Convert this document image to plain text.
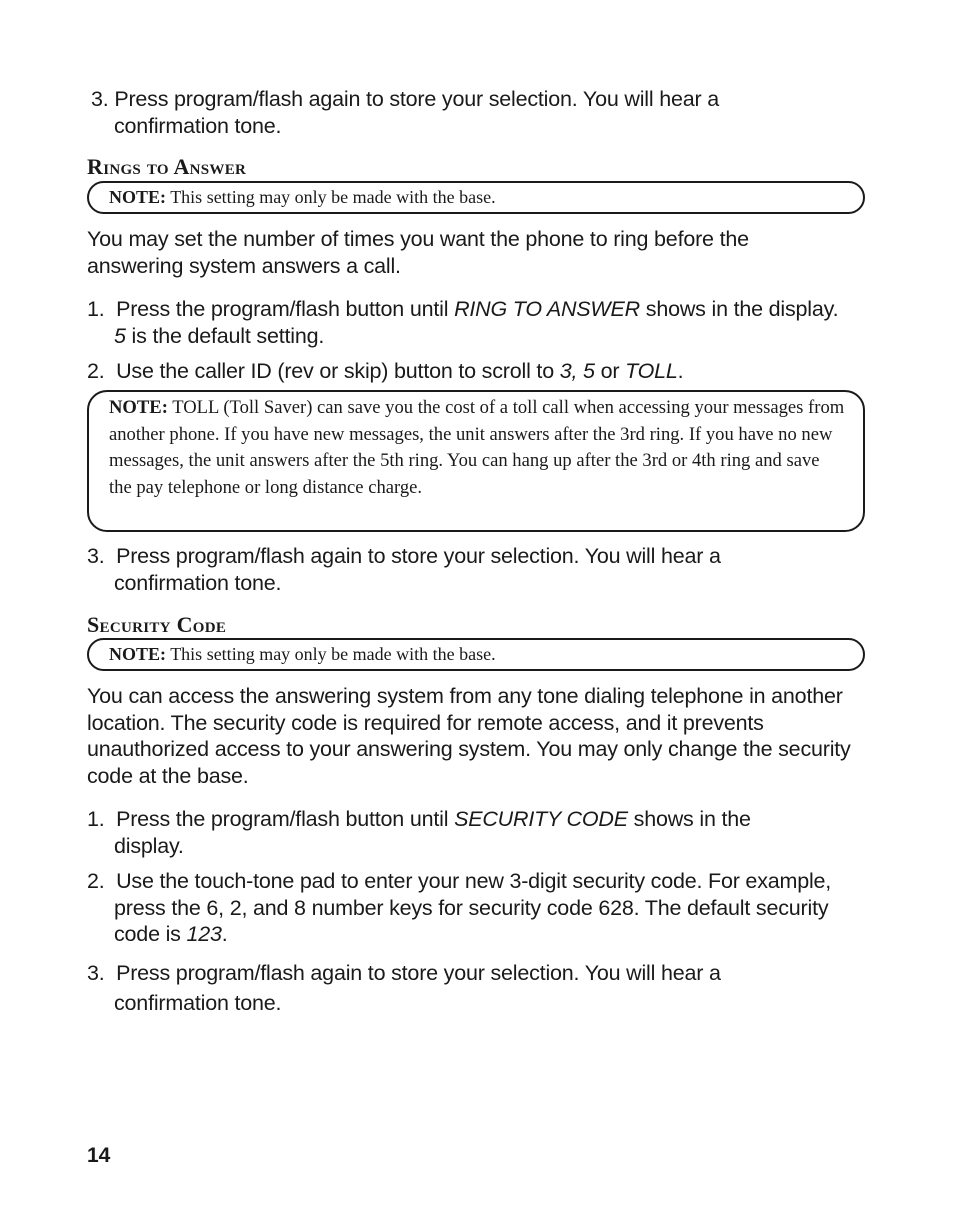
3. Press program/flash again to store your selection. You will hear a confirmation tone.

Rings to Answer
NOTE: This setting may only be made with the base.

You may set the number of times you want the phone to ring before the answering system answers a call.

1. Press the program/flash button until RING TO ANSWER shows in the display. 5 is the default setting.

2. Use the caller ID (rev or skip) button to scroll to 3, 5 or TOLL.

NOTE: TOLL (Toll Saver) can save you the cost of a toll call when accessing your messages from another phone. If you have new messages, the unit answers after the 3rd ring. If you have no new messages, the unit answers after the 5th ring. You can hang up after the 3rd or 4th ring and save the pay telephone or long distance charge.

3. Press program/flash again to store your selection. You will hear a confirmation tone.

Security Code
NOTE: This setting may only be made with the base.

You can access the answering system from any tone dialing telephone in another location. The security code is required for remote access, and it prevents unauthorized access to your answering system. You may only change the security code at the base.

1. Press the program/flash button until SECURITY CODE shows in the display.

2. Use the touch-tone pad to enter your new 3-digit security code. For example, press the 6, 2, and 8 number keys for security code 628. The default security code is 123.

3. Press program/flash again to store your selection. You will hear a confirmation tone.

14
